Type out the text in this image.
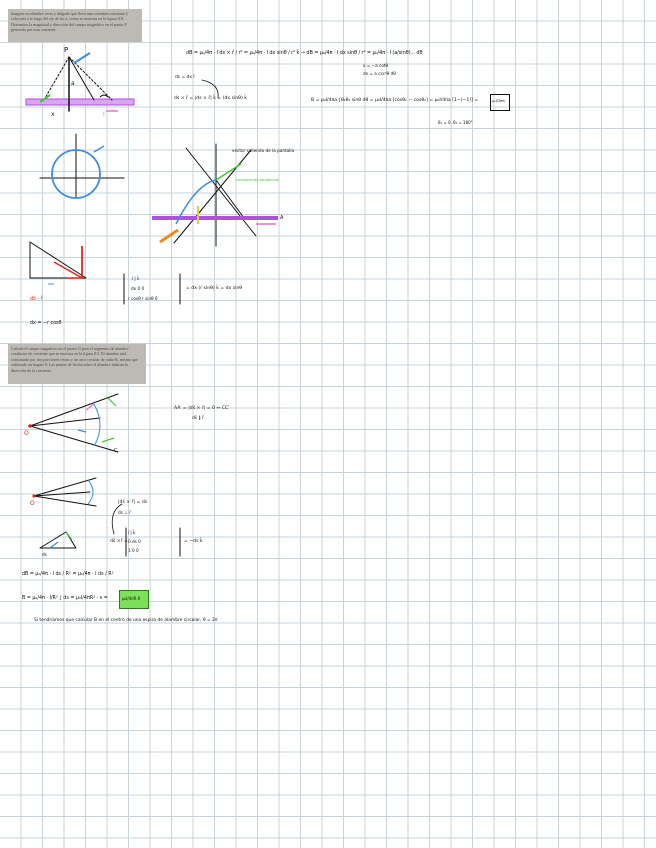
Imagine un alambre recto y delgado que lleva una corriente constante I, colocado a lo largo del eje de las x, como se muestra en la figura 8.8. Determine la magnitud y dirección del campo magnético en el punto P generado por esta corriente.
P
a
x	I
dB = μ₀/4π · I ds × r̂ / r² = μ₀/4π · I dx sinθ / r² k̂ → dB = μ₀/4π · I dx sinθ / r² = μ₀/4π · I (a/sinθ)... dθ
x = −a cotθ
dx = a csc²θ dθ
ds = dx î
ds × r̂ = |ds × r̂| k̂ = (dx sinθ) k̂	B = μ₀I/4πa ∫θ₁θ₂ sinθ dθ = μ₀I/4πa [cosθ₁ − cosθ₂] = μ₀I/4πa [1−(−1)] =	μ₀I/2πa
θ₁ = 0, θ₂ = 180°
vector saliendo de la pantalla
componente tangencial
A
ds̄ · r̂
dx = −r cosθ
î ĵ k̂
dx 0 0
r cosθ r sinθ 0
= dx (r sinθ) k̂ = dx sinθ
Calcule el campo magnético en el punto O para el segmento de alambre conductor de corriente que se muestra en la figura 8.5. El alambre está constituido por dos porciones rectas y un arco circular de radio R, mismo que subtiende un ángulo θ. Las puntas de flecha sobre el alambre indican la dirección de la corriente.
O
C
AA′ = |ds̄ × r̂| = 0 ↔ CC′
ds̄ ∥ r̂
O	|ds̄ × r̂| = ds
ds ⊥ r̂
ds
î ĵ k̂
0 ds 0
1 0 0
ds̄ ×r̂ =	= −ds k̂
dB = μ₀/4π · I ds / R² = μ₀/4π · I ds / R²
B = μ₀/4π · I/R² ∫ ds = μ₀I/4πR² · s =	μ₀I/4πR θ
Si tendríamos que calcular B en el centro de una espira de alambre circular, θ = 2π
